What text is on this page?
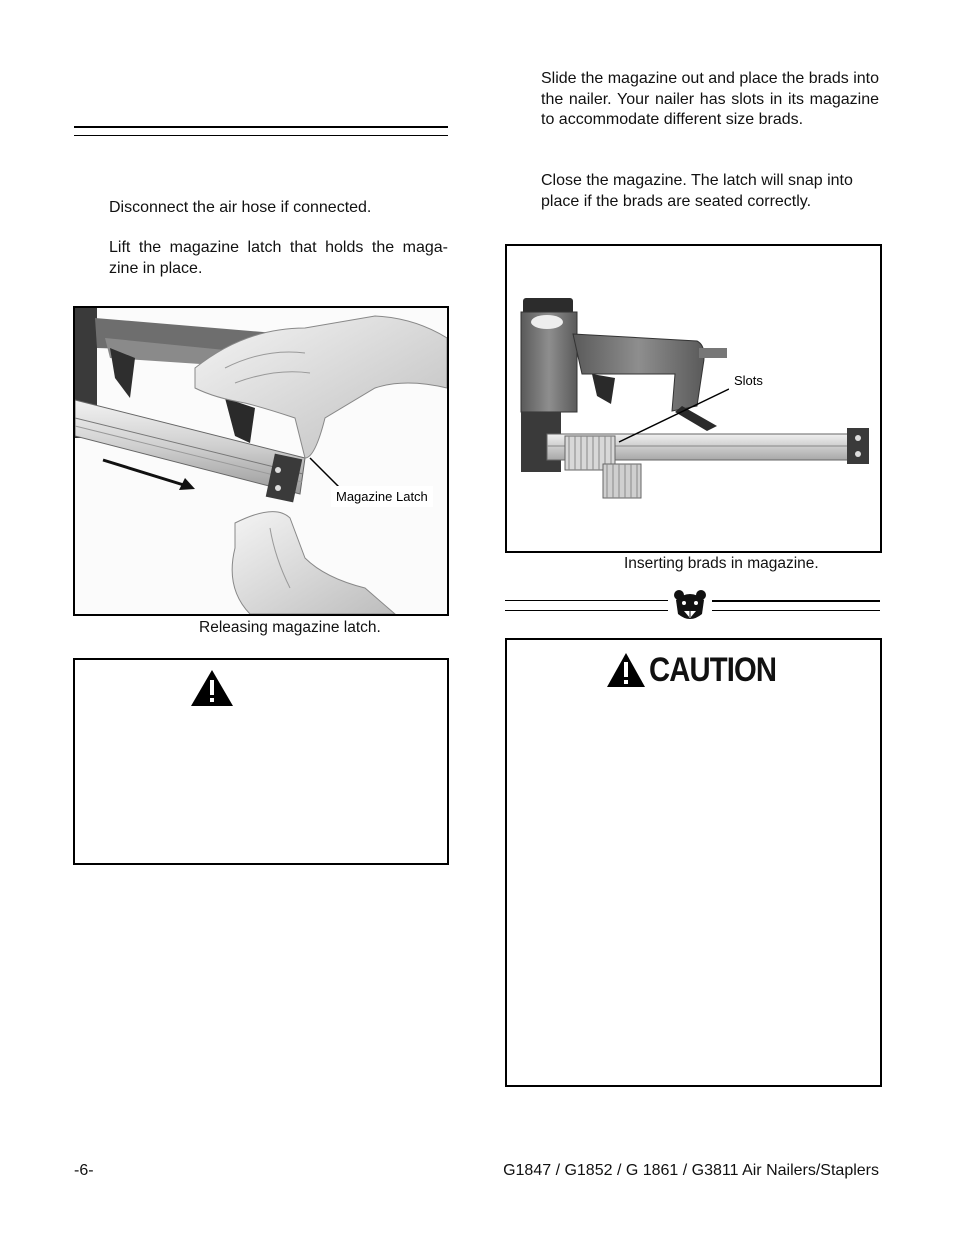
Disconnect the air hose if connected.
Lift the magazine latch that holds the maga-zine in place.
Magazine Latch
Releasing magazine latch.
Slide the magazine out and place the brads into the nailer. Your nailer has slots in its magazine to accommodate different size brads.
Close the magazine. The latch will snap into place if the brads are seated correctly.
Slots
Inserting brads in magazine.
CAUTION
-6-	G1847 / G1852 / G 1861 / G3811 Air Nailers/Staplers
